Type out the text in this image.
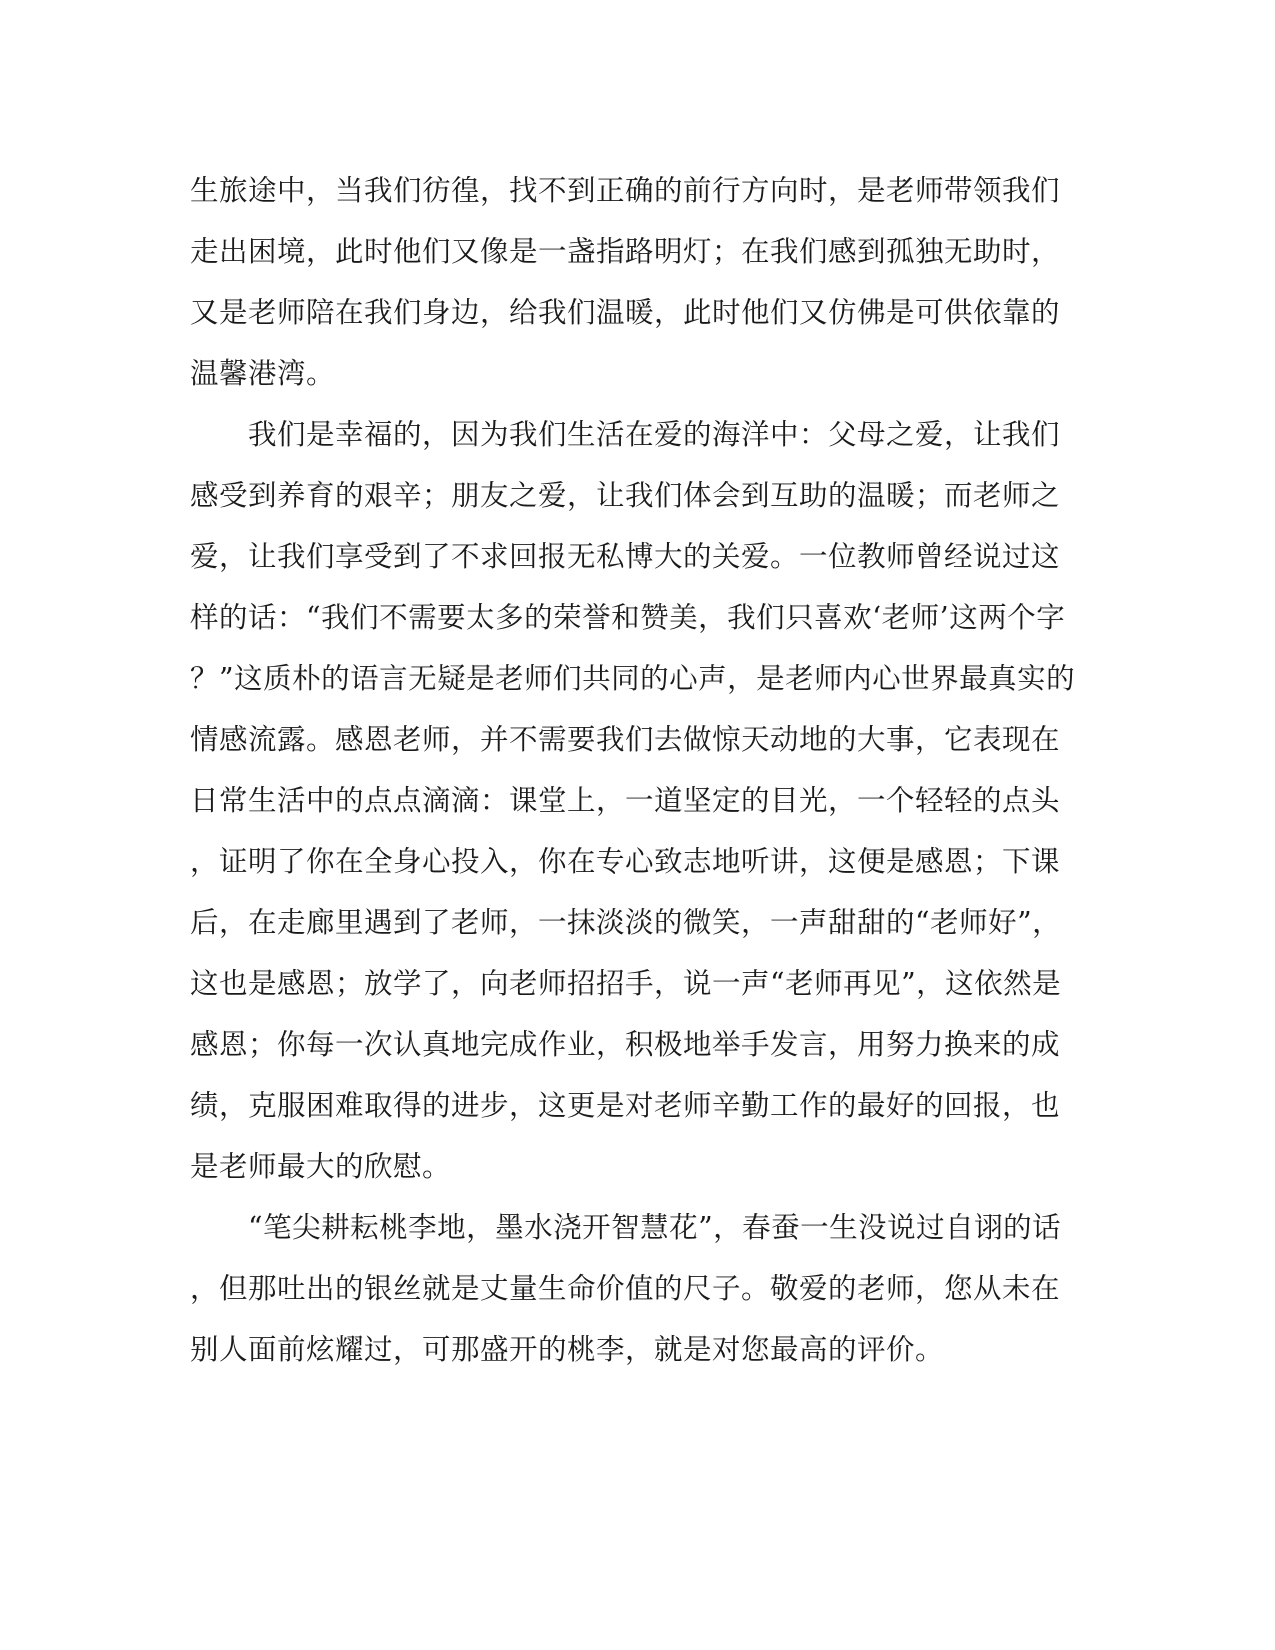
生旅途中，当我们彷徨，找不到正确的前行方向时，是老师带领我们
走出困境，此时他们又像是一盏指路明灯；在我们感到孤独无助时，
又是老师陪在我们身边，给我们温暖，此时他们又仿佛是可供依靠的
温馨港湾。
　　我们是幸福的，因为我们生活在爱的海洋中：父母之爱，让我们
感受到养育的艰辛；朋友之爱，让我们体会到互助的温暖；而老师之
爱，让我们享受到了不求回报无私博大的关爱。一位教师曾经说过这
样的话：“我们不需要太多的荣誉和赞美，我们只喜欢‘老师’这两个字
？”这质朴的语言无疑是老师们共同的心声，是老师内心世界最真实的
情感流露。感恩老师，并不需要我们去做惊天动地的大事，它表现在
日常生活中的点点滴滴：课堂上，一道坚定的目光，一个轻轻的点头
，证明了你在全身心投入，你在专心致志地听讲，这便是感恩；下课
后，在走廊里遇到了老师，一抹淡淡的微笑，一声甜甜的“老师好”，
这也是感恩；放学了，向老师招招手，说一声“老师再见”，这依然是
感恩；你每一次认真地完成作业，积极地举手发言，用努力换来的成
绩，克服困难取得的进步，这更是对老师辛勤工作的最好的回报，也
是老师最大的欣慰。
　　“笔尖耕耘桃李地，墨水浇开智慧花”，春蚕一生没说过自诩的话
，但那吐出的银丝就是丈量生命价值的尺子。敬爱的老师，您从未在
别人面前炫耀过，可那盛开的桃李，就是对您最高的评价。
